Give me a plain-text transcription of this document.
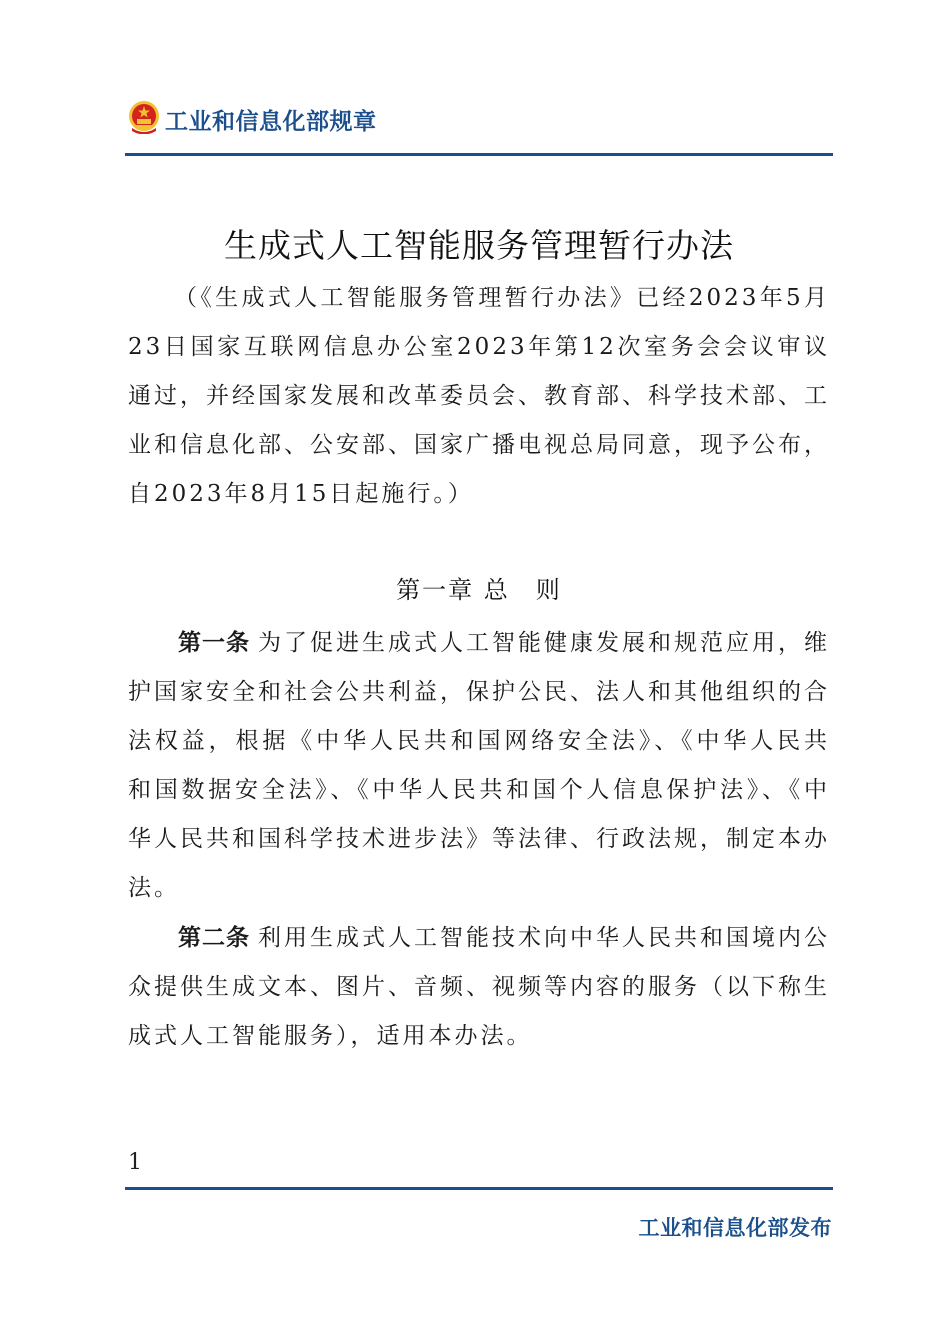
工业和信息化部规章
生成式人工智能服务管理暂行办法

（《生成式人工智能服务管理暂行办法》已经2023年5月23日国家互联网信息办公室2023年第12次室务会会议审议通过，并经国家发展和改革委员会、教育部、科学技术部、工业和信息化部、公安部、国家广播电视总局同意，现予公布，自2023年8月15日起施行。）

第一章 总　则

第一条 为了促进生成式人工智能健康发展和规范应用，维护国家安全和社会公共利益，保护公民、法人和其他组织的合法权益，根据《中华人民共和国网络安全法》、《中华人民共和国数据安全法》、《中华人民共和国个人信息保护法》、《中华人民共和国科学技术进步法》等法律、行政法规，制定本办法。

第二条 利用生成式人工智能技术向中华人民共和国境内公众提供生成文本、图片、音频、视频等内容的服务（以下称生成式人工智能服务），适用本办法。

1
工业和信息化部发布
